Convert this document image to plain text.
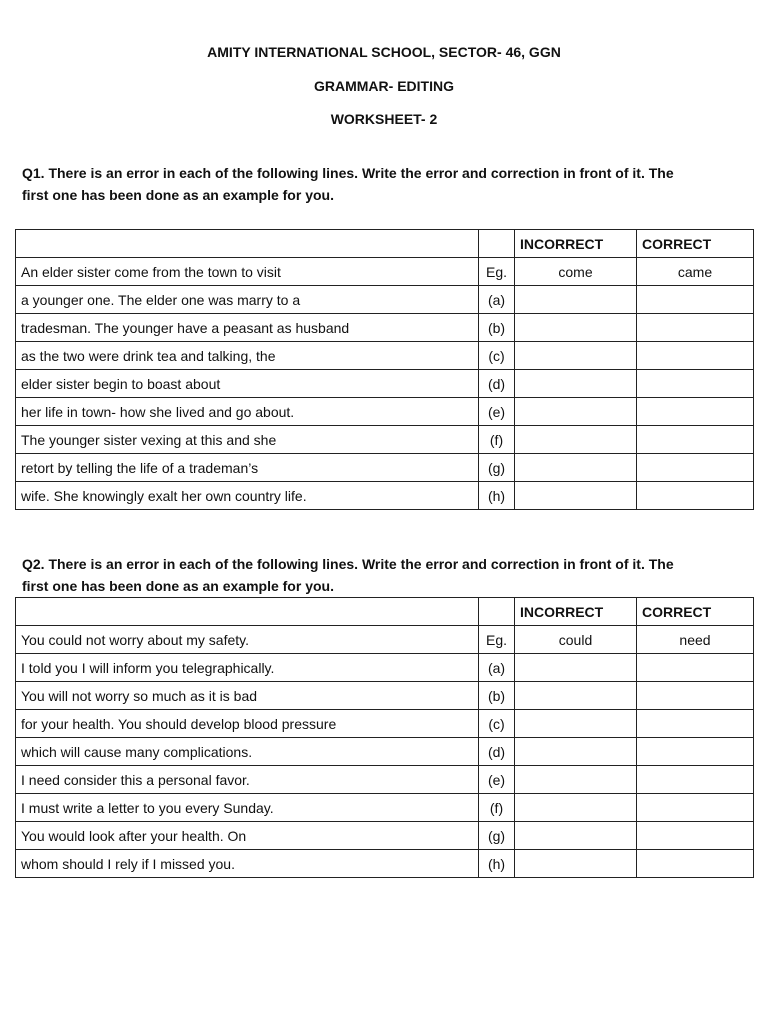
AMITY INTERNATIONAL SCHOOL, SECTOR- 46, GGN
GRAMMAR- EDITING
WORKSHEET- 2
Q1. There is an error in each of the following lines. Write the error and correction in front of it. The
first one has been done as an example for you.
		INCORRECT	CORRECT
An elder sister come from the town to visit	Eg.	come	came
a younger one. The elder one was marry to a	(a)		
tradesman. The younger have a peasant as husband	(b)		
as the two were drink tea and talking, the	(c)		
elder sister begin to boast about	(d)		
her life in town- how she lived and go about.	(e)		
The younger sister vexing at this and she	(f)		
retort by telling the life of a trademan’s	(g)		
wife. She knowingly exalt her own country life.	(h)		
Q2. There is an error in each of the following lines. Write the error and correction in front of it. The
first one has been done as an example for you.
		INCORRECT	CORRECT
You could not worry about my safety.	Eg.	could	need
I told you I will inform you telegraphically.	(a)		
You will not worry so much as it is bad	(b)		
for your health. You should develop blood pressure	(c)		
which will cause many complications.	(d)		
I need consider this a personal favor.	(e)		
I must write a letter to you every Sunday.	(f)		
You would look after your health. On	(g)		
whom should I rely if I missed you.	(h)		
